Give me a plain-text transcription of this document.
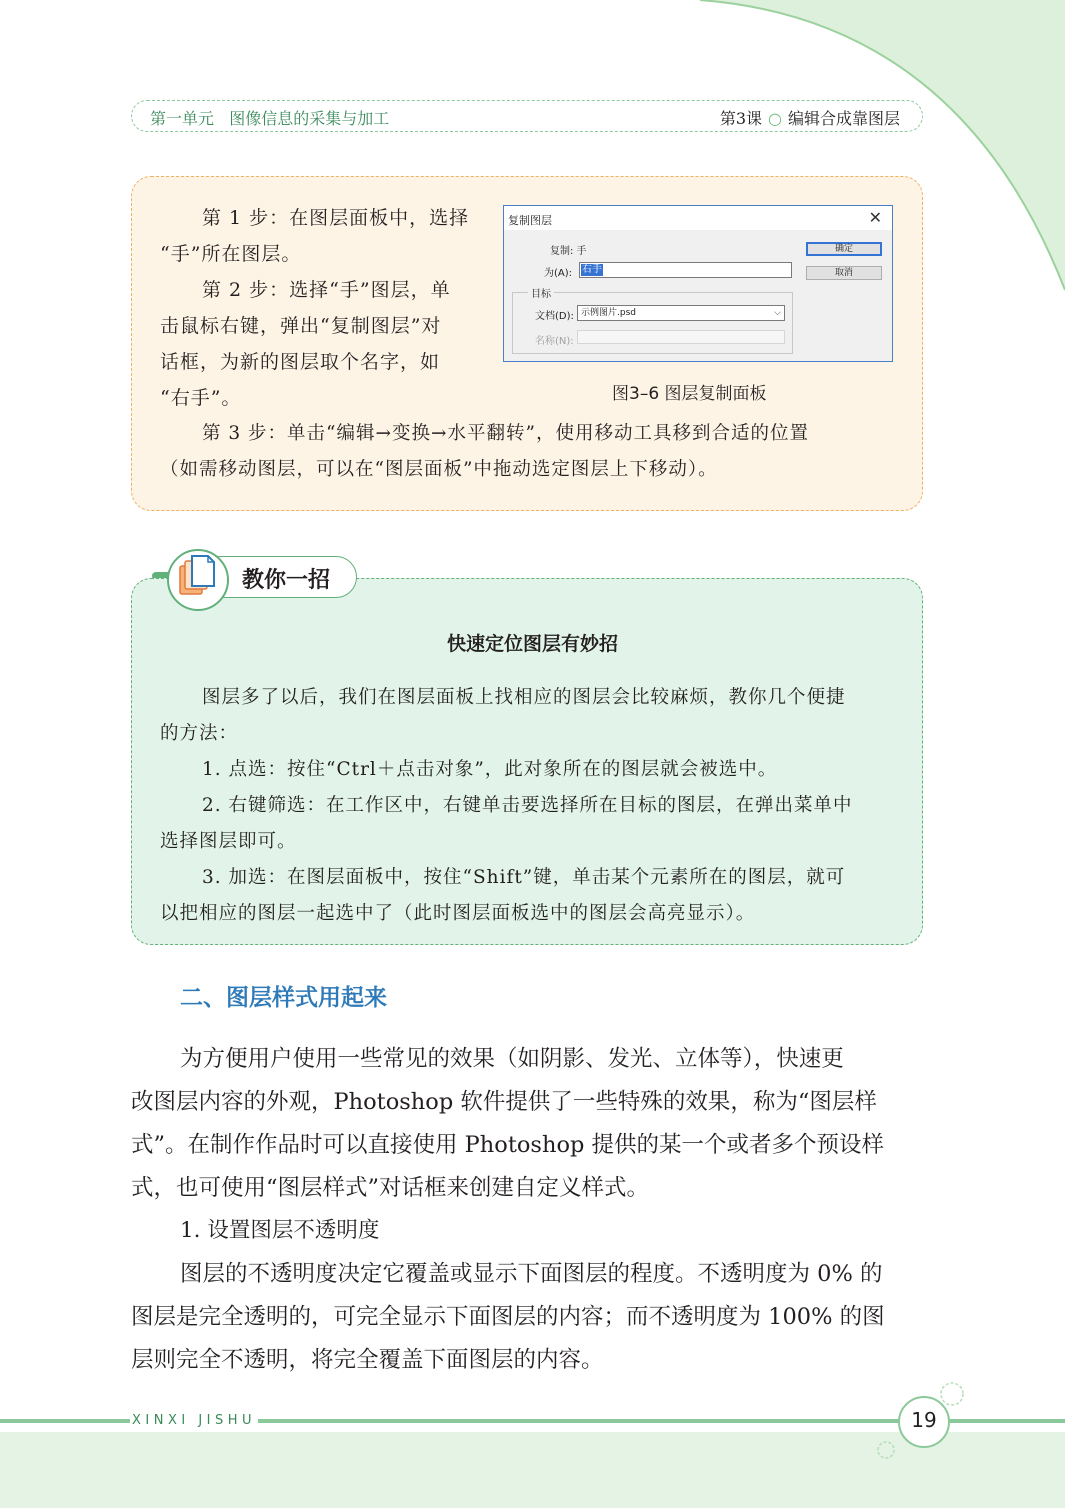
第一单元   图像信息的采集与加工	第3课 ○ 编辑合成靠图层
第 1 步：在图层面板中，选择
“手”所在图层。
第 2 步：选择“手”图层，单
击鼠标右键，弹出“复制图层”对
话框，为新的图层取个名字，如
“右手”。
第 3 步：单击“编辑→变换→水平翻转”，使用移动工具移到合适的位置
（如需移动图层，可以在“图层面板”中拖动选定图层上下移动）。
复制图层	✕
复制: 手
为(A): 右手
确定
取消
目标
文档(D): 示例图片.psd	⌵
名称(N):
图3–6 图层复制面板
教你一招
快速定位图层有妙招
图层多了以后，我们在图层面板上找相应的图层会比较麻烦，教你几个便捷
的方法：
1. 点选：按住“Ctrl＋点击对象”，此对象所在的图层就会被选中。
2. 右键筛选：在工作区中，右键单击要选择所在目标的图层，在弹出菜单中
选择图层即可。
3. 加选：在图层面板中，按住“Shift”键，单击某个元素所在的图层，就可
以把相应的图层一起选中了（此时图层面板选中的图层会高亮显示）。
二、图层样式用起来
为方便用户使用一些常见的效果（如阴影、发光、立体等），快速更
改图层内容的外观，Photoshop 软件提供了一些特殊的效果，称为“图层样
式”。在制作作品时可以直接使用 Photoshop 提供的某一个或者多个预设样
式，也可使用“图层样式”对话框来创建自定义样式。
1. 设置图层不透明度
图层的不透明度决定它覆盖或显示下面图层的程度。不透明度为 0% 的
图层是完全透明的，可完全显示下面图层的内容；而不透明度为 100% 的图
层则完全不透明，将完全覆盖下面图层的内容。
XINXI JISHU	19
